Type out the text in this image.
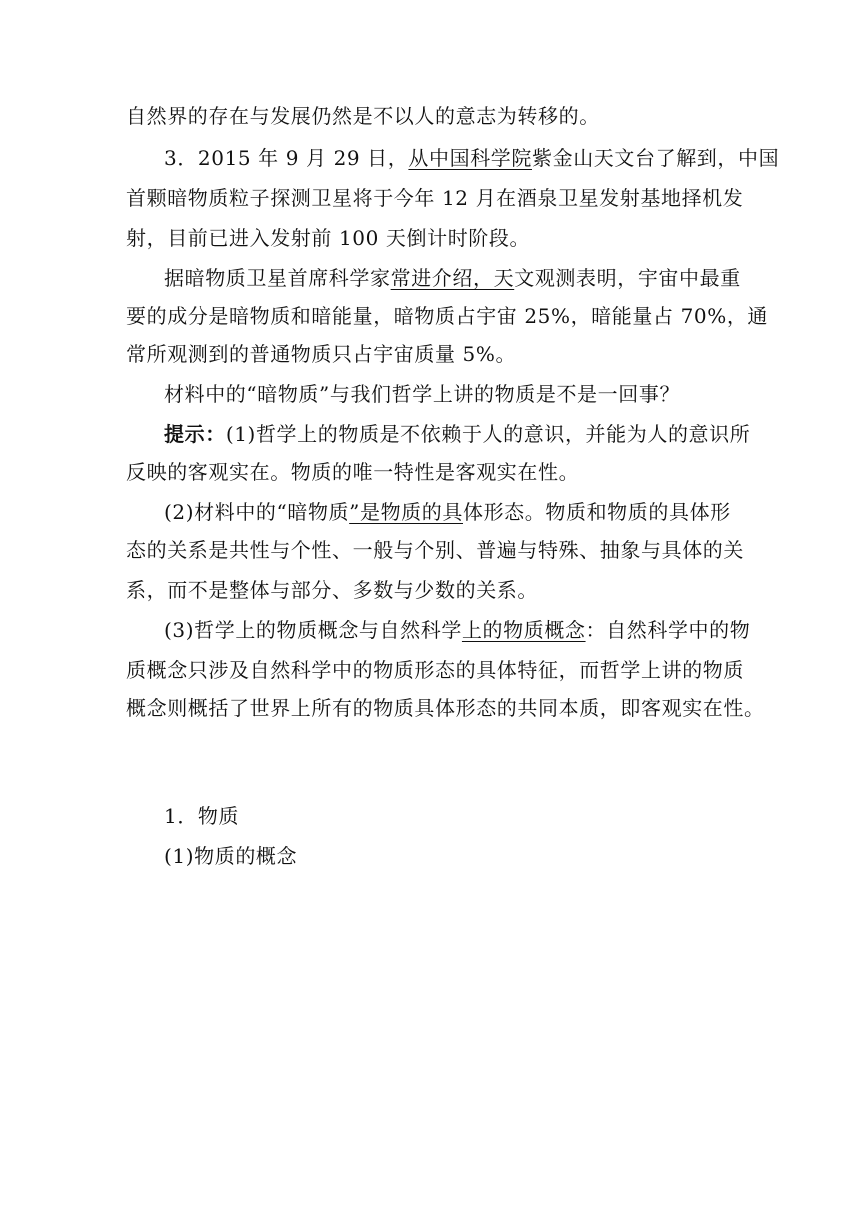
自然界的存在与发展仍然是不以人的意志为转移的。
3．2015 年 9 月 29 日，从中国科学院紫金山天文台了解到，中国
首颗暗物质粒子探测卫星将于今年 12 月在酒泉卫星发射基地择机发
射，目前已进入发射前 100 天倒计时阶段。
据暗物质卫星首席科学家常进介绍，天文观测表明，宇宙中最重
要的成分是暗物质和暗能量，暗物质占宇宙 25%，暗能量占 70%，通
常所观测到的普通物质只占宇宙质量 5%。
材料中的“暗物质”与我们哲学上讲的物质是不是一回事？
提示：(1)哲学上的物质是不依赖于人的意识，并能为人的意识所
反映的客观实在。物质的唯一特性是客观实在性。
(2)材料中的“暗物质”是物质的具体形态。物质和物质的具体形
态的关系是共性与个性、一般与个别、普遍与特殊、抽象与具体的关
系，而不是整体与部分、多数与少数的关系。
(3)哲学上的物质概念与自然科学上的物质概念：自然科学中的物
质概念只涉及自然科学中的物质形态的具体特征，而哲学上讲的物质
概念则概括了世界上所有的物质具体形态的共同本质，即客观实在性。
1．物质
(1)物质的概念
